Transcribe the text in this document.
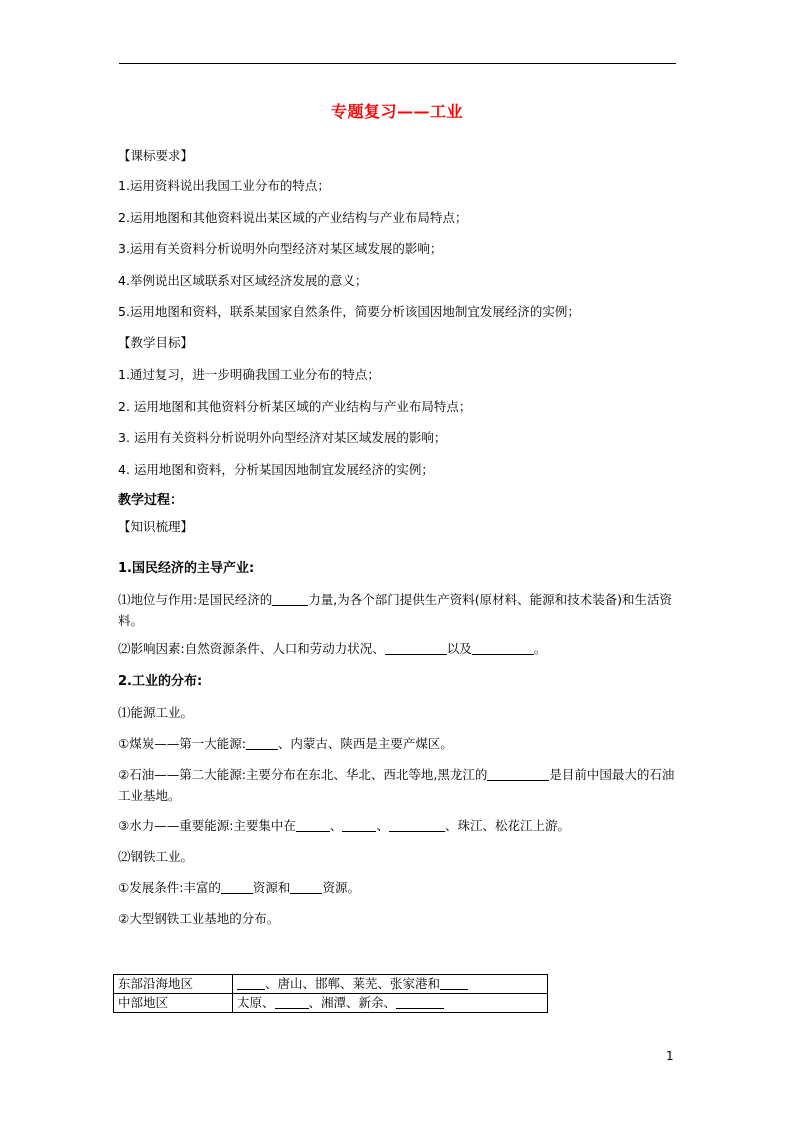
专题复习——工业
【课标要求】
1.运用资料说出我国工业分布的特点；
2.运用地图和其他资料说出某区域的产业结构与产业布局特点；
3.运用有关资料分析说明外向型经济对某区域发展的影响；
4.举例说出区域联系对区域经济发展的意义；
5.运用地图和资料，联系某国家自然条件，简要分析该国因地制宜发展经济的实例；
【教学目标】
1.通过复习，进一步明确我国工业分布的特点；
2. 运用地图和其他资料分析某区域的产业结构与产业布局特点；
3. 运用有关资料分析说明外向型经济对某区域发展的影响；
4. 运用地图和资料，分析某国因地制宜发展经济的实例；
教学过程：
【知识梳理】
1.国民经济的主导产业:
⑴地位与作用:是国民经济的	力量,为各个部门提供生产资料(原材料、能源和技术装备)和生活资料。
⑵影响因素:自然资源条件、人口和劳动力状况、	以及	。
2.工业的分布:
⑴能源工业。
①煤炭——第一大能源:	、内蒙古、陕西是主要产煤区。
②石油——第二大能源:主要分布在东北、华北、西北等地,黑龙江的	是目前中国最大的石油工业基地。
③水力——重要能源:主要集中在	、	、	、珠江、松花江上游。
⑵钢铁工业。
①发展条件:丰富的	资源和	资源。
②大型钢铁工业基地的分布。
东部沿海地区	、唐山、邯郸、莱芜、张家港和
中部地区	太原、 、湘潭、新余、
1
